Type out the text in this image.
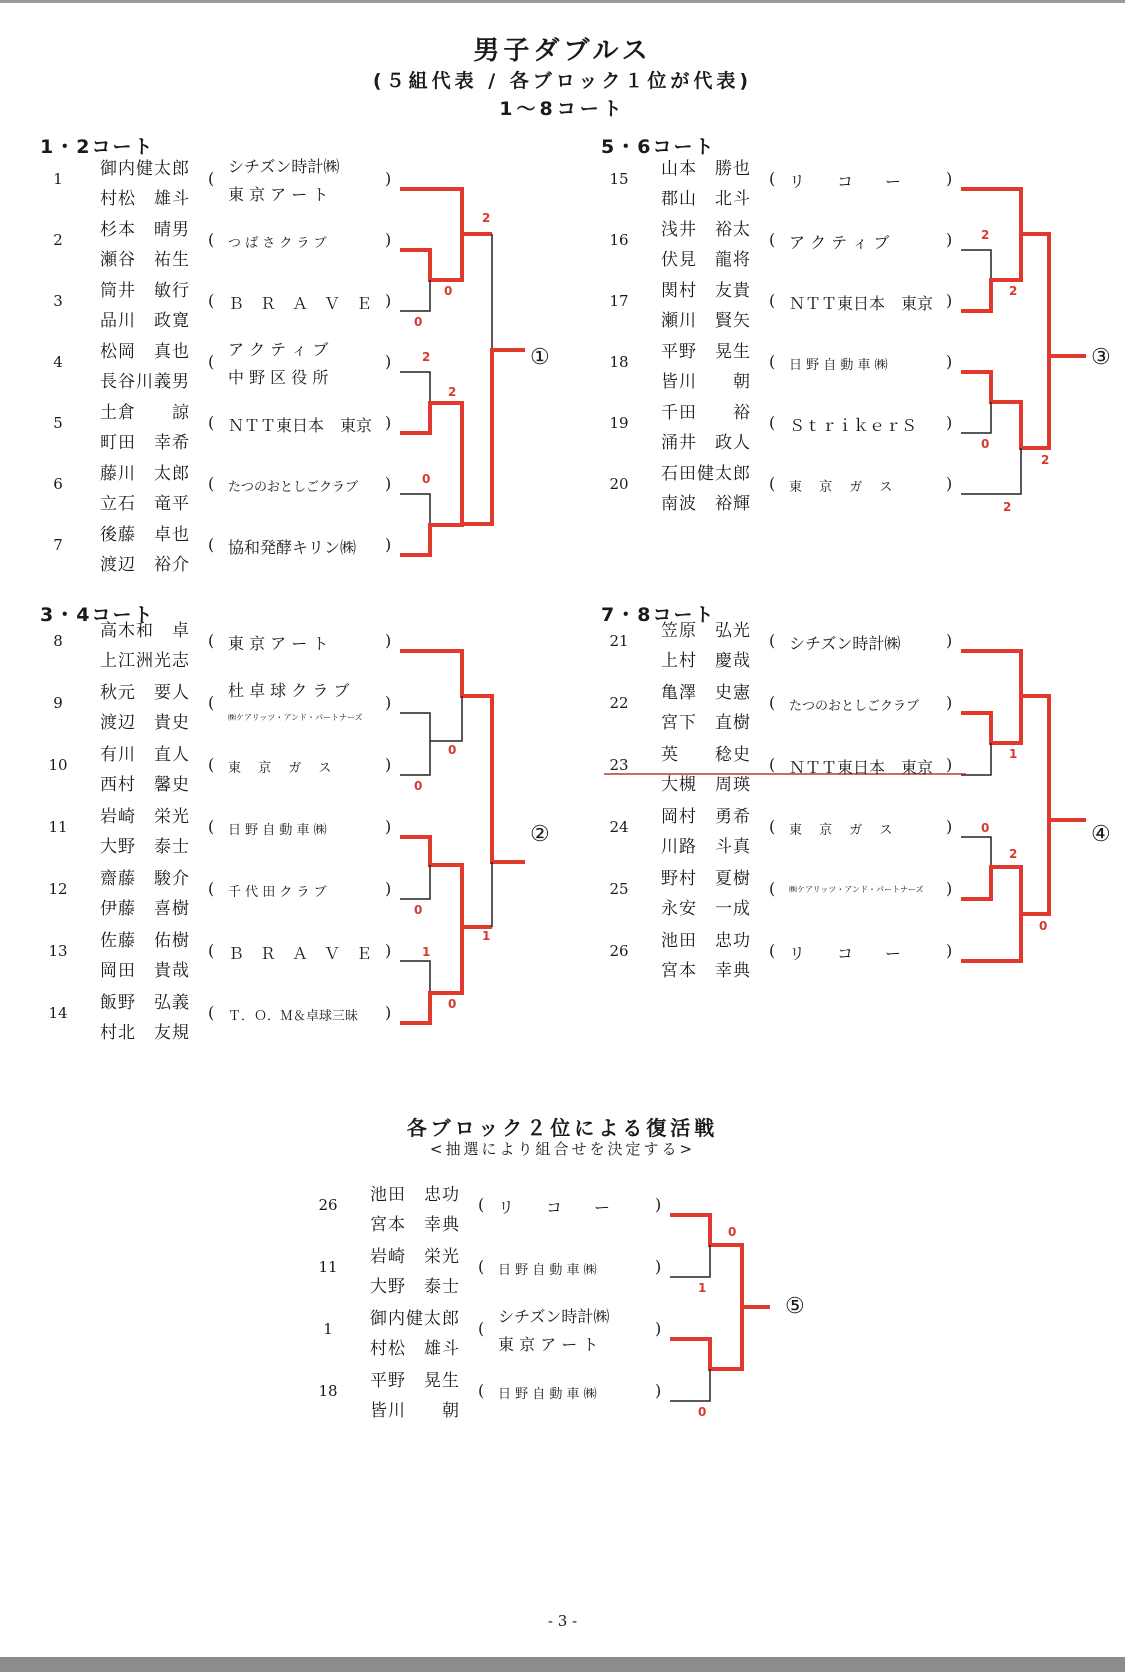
男子ダブルス
(５組代表 / 各ブロック１位が代表)
1～8コート
各ブロック２位による復活戦
<抽選により組合せを決定する>
- 3 -
1・2コート
1	御内健太郎
村松　雄斗
(	)
シチズン時計㈱
東 京 ア ー ト
2	杉本　晴男
瀬谷　祐生
(	)
つ ば さ ク ラ ブ
3	筒井　敏行
品川　政寛
(	)
Ｂ　Ｒ　Ａ　Ｖ　Ｅ
4	松岡　真也
長谷川義男
(	)
ア ク テ ィ ブ
中 野 区 役 所
5	土倉　　諒
町田　幸希
(	)
ＮＴＴ東日本　東京
6	藤川　太郎
立石　竜平
(	)
たつのおとしごクラブ
7	後藤　卓也
渡辺　裕介
(	)
協和発酵キリン㈱
①
2
0
0
2
2
0
5・6コート
15	山本　勝也
郡山　北斗
(	)
リ　　コ　　ー
16	浅井　裕太
伏見　龍将
(	)
ア ク テ ィ ブ
17	関村　友貴
瀬川　賢矢
(	)
ＮＴＴ東日本　東京
18	平野　晃生
皆川　　朝
(	)
日 野 自 動 車 ㈱
19	千田　　裕
涌井　政人
(	)
ＳｔｒｉｋｅｒＳ
20	石田健太郎
南波　裕輝
(	)
東　 京　 ガ　 ス
③
2
2
0
2
2
3・4コート
8	高木和　卓
上江洲光志
(	)
東 京 ア ー ト
9	秋元　要人
渡辺　貴史
(	)
杜 卓 球 ク ラ ブ
㈱ケアリッツ・アンド・パートナーズ
10	有川　直人
西村　馨史
(	)
東　 京　 ガ　 ス
11	岩崎　栄光
大野　泰士
(	)
日 野 自 動 車 ㈱
12	齋藤　駿介
伊藤　喜樹
(	)
千 代 田 ク ラ ブ
13	佐藤　佑樹
岡田　貴哉
(	)
Ｂ　Ｒ　Ａ　Ｖ　Ｅ
14	飯野　弘義
村北　友規
(	)
Ｔ．Ｏ．Ｍ＆卓球三昧
②
0
0
0
1
1
0
7・8コート
21	笠原　弘光
上村　慶哉
(	)
シチズン時計㈱
22	亀澤　史憲
宮下　直樹
(	)
たつのおとしごクラブ
23	英　　稔史
大槻　周瑛
(	)
ＮＴＴ東日本　東京
24	岡村　勇希
川路　斗真
(	)
東　 京　 ガ　 ス
25	野村　夏樹
永安　一成
(	)
㈱ケアリッツ・アンド・パートナーズ
26	池田　忠功
宮本　幸典
(	)
リ　　コ　　ー
④
1
0
2
0
26	池田　忠功
宮本　幸典
(	)
リ　　コ　　ー
11	岩崎　栄光
大野　泰士
(	)
日 野 自 動 車 ㈱
1	御内健太郎
村松　雄斗
(	)
シチズン時計㈱
東 京 ア ー ト
18	平野　晃生
皆川　　朝
(	)
日 野 自 動 車 ㈱
⑤
0
1
0
